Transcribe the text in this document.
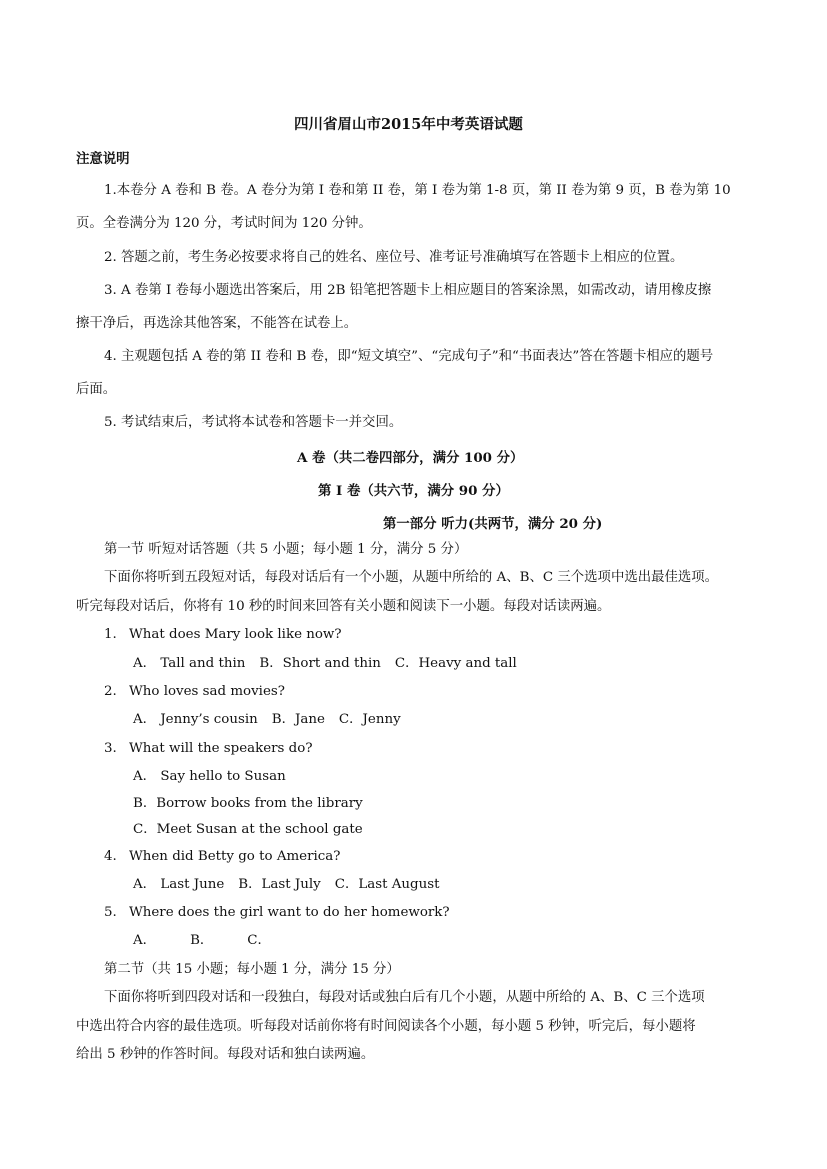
四川省眉山市2015年中考英语试题
注意说明
1.本卷分 A 卷和 B 卷。A 卷分为第 I 卷和第 II 卷，第 I 卷为第 1-8 页，第 II 卷为第 9 页，B 卷为第 10
页。全卷满分为 120 分，考试时间为 120 分钟。
2. 答题之前，考生务必按要求将自己的姓名、座位号、准考证号准确填写在答题卡上相应的位置。
3. A 卷第 I 卷每小题选出答案后，用 2B 铅笔把答题卡上相应题目的答案涂黑，如需改动，请用橡皮擦
擦干净后，再选涂其他答案，不能答在试卷上。
4. 主观题包括 A 卷的第 II 卷和 B 卷，即“短文填空”、“完成句子”和“书面表达”答在答题卡相应的题号
后面。
5. 考试结束后，考试将本试卷和答题卡一并交回。
A 卷（共二卷四部分，满分 100 分）
第 I 卷（共六节，满分 90 分）
第一部分 听力(共两节，满分 20 分)
第一节 听短对话答题（共 5 小题；每小题 1 分，满分 5 分）
下面你将听到五段短对话，每段对话后有一个小题，从题中所给的 A、B、C 三个选项中选出最佳选项。
听完每段对话后，你将有 10 秒的时间来回答有关小题和阅读下一小题。每段对话读两遍。
1. What does Mary look like now?
A． Tall and thin B．Short and thin C．Heavy and tall
2. Who loves sad movies?
A． Jenny’s cousin B．Jane C．Jenny
3. What will the speakers do?
A． Say hello to Susan
B．Borrow books from the library
C．Meet Susan at the school gate
4. When did Betty go to America?
A． Last June B．Last July C．Last August
5. Where does the girl want to do her homework?
A．	B．	C．
第二节（共 15 小题；每小题 1 分，满分 15 分）
下面你将听到四段对话和一段独白，每段对话或独白后有几个小题，从题中所给的 A、B、C 三个选项
中选出符合内容的最佳选项。听每段对话前你将有时间阅读各个小题，每小题 5 秒钟，听完后，每小题将
给出 5 秒钟的作答时间。每段对话和独白读两遍。
